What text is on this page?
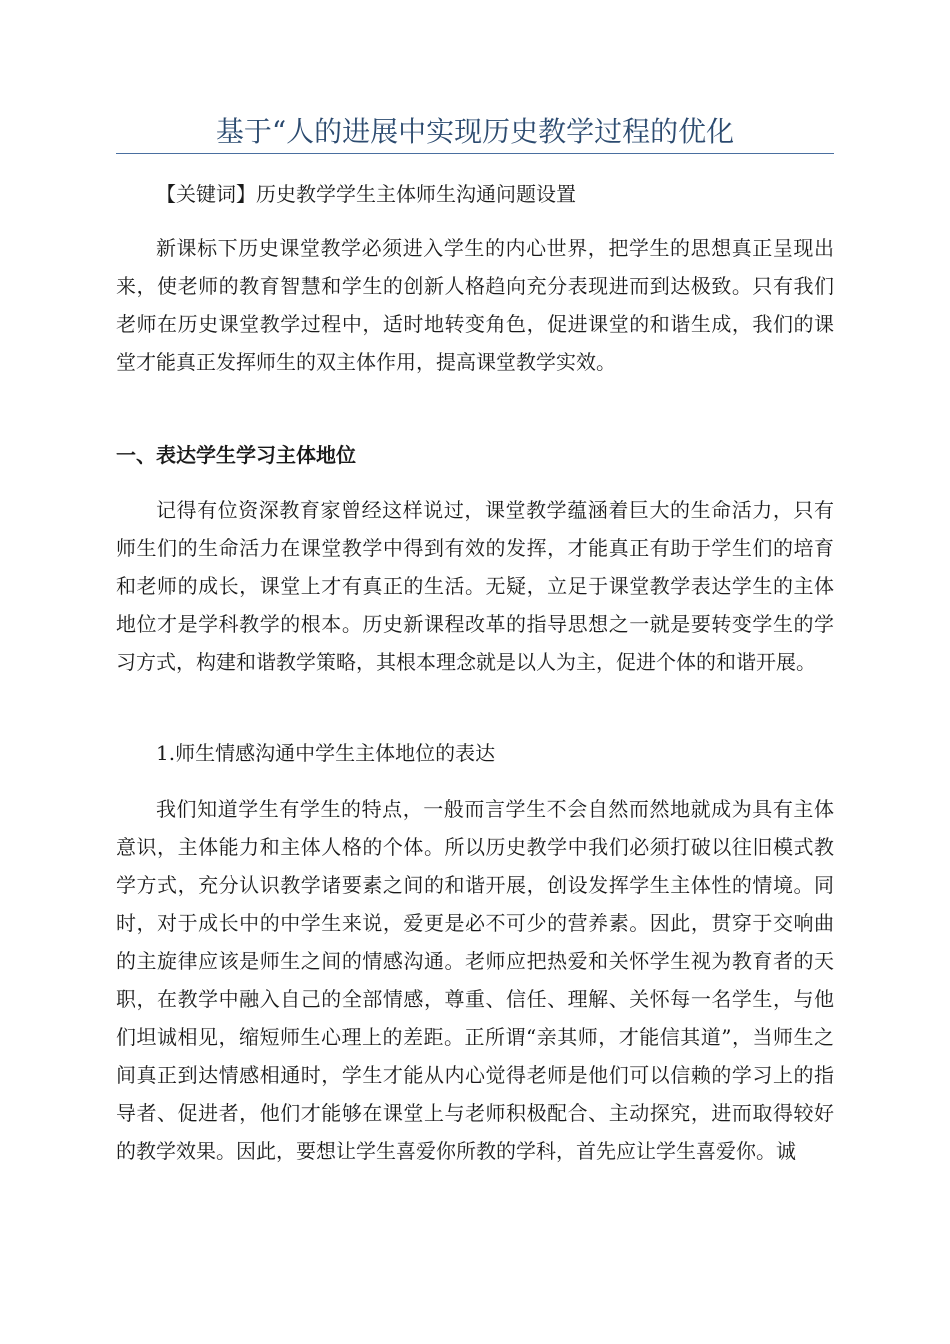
基于“人的进展中实现历史教学过程的优化

【关键词】历史教学学生主体师生沟通问题设置

新课标下历史课堂教学必须进入学生的内心世界，把学生的思想真正呈现出来，使老师的教育智慧和学生的创新人格趋向充分表现进而到达极致。只有我们老师在历史课堂教学过程中，适时地转变角色，促进课堂的和谐生成，我们的课堂才能真正发挥师生的双主体作用，提高课堂教学实效。

一、表达学生学习主体地位

记得有位资深教育家曾经这样说过，课堂教学蕴涵着巨大的生命活力，只有师生们的生命活力在课堂教学中得到有效的发挥，才能真正有助于学生们的培育和老师的成长，课堂上才有真正的生活。无疑，立足于课堂教学表达学生的主体地位才是学科教学的根本。历史新课程改革的指导思想之一就是要转变学生的学习方式，构建和谐教学策略，其根本理念就是以人为主，促进个体的和谐开展。

1.师生情感沟通中学生主体地位的表达

我们知道学生有学生的特点，一般而言学生不会自然而然地就成为具有主体意识，主体能力和主体人格的个体。所以历史教学中我们必须打破以往旧模式教学方式，充分认识教学诸要素之间的和谐开展，创设发挥学生主体性的情境。同时，对于成长中的中学生来说，爱更是必不可少的营养素。因此，贯穿于交响曲的主旋律应该是师生之间的情感沟通。老师应把热爱和关怀学生视为教育者的天职，在教学中融入自己的全部情感，尊重、信任、理解、关怀每一名学生，与他们坦诚相见，缩短师生心理上的差距。正所谓“亲其师，才能信其道”，当师生之间真正到达情感相通时，学生才能从内心觉得老师是他们可以信赖的学习上的指导者、促进者，他们才能够在课堂上与老师积极配合、主动探究，进而取得较好的教学效果。因此，要想让学生喜爱你所教的学科，首先应让学生喜爱你。诚
